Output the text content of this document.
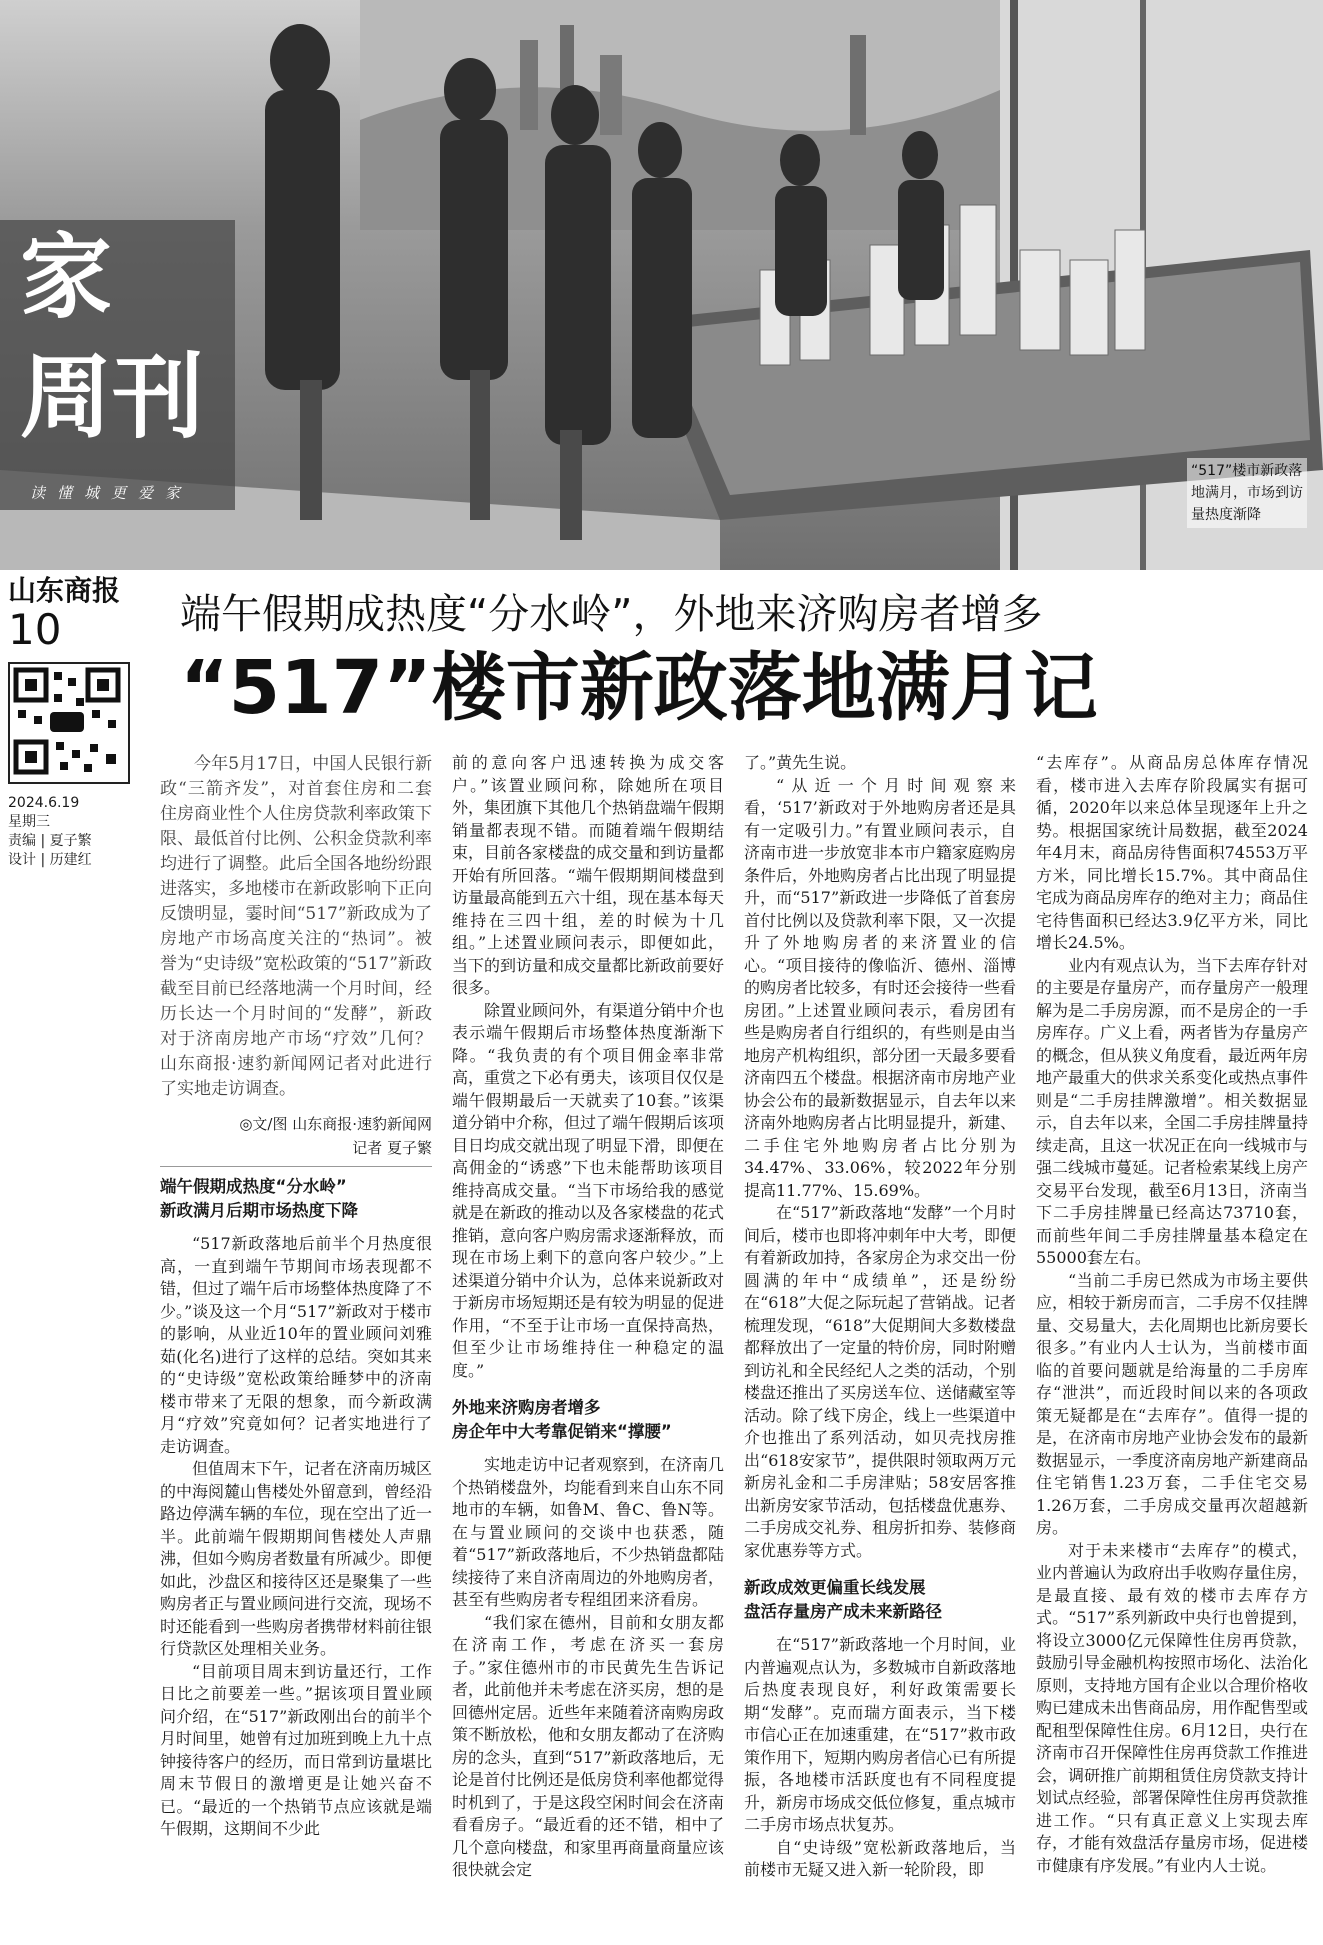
“517”楼市新政落地满月，市场到访量热度渐降
家
周刊
读懂城更爱家
山东商报
10
2024.6.19
星期三
责编 | 夏子繁
设计 | 历建红
端午假期成热度“分水岭”，外地来济购房者增多
“517”楼市新政落地满月记

今年5月17日，中国人民银行新政“三箭齐发”，对首套住房和二套住房商业性个人住房贷款利率政策下限、最低首付比例、公积金贷款利率均进行了调整。此后全国各地纷纷跟进落实，多地楼市在新政影响下正向反馈明显，霎时间“517”新政成为了房地产市场高度关注的“热词”。被誉为“史诗级”宽松政策的“517”新政截至目前已经落地满一个月时间，经历长达一个月时间的“发酵”，新政对于济南房地产市场“疗效”几何？山东商报·速豹新闻网记者对此进行了实地走访调查。

◎文/图 山东商报·速豹新闻网
记者 夏子繁
端午假期成热度“分水岭”
新政满月后期市场热度下降

“517新政落地后前半个月热度很高，一直到端午节期间市场表现都不错，但过了端午后市场整体热度降了不少。”谈及这一个月“517”新政对于楼市的影响，从业近10年的置业顾问刘雅茹(化名)进行了这样的总结。突如其来的“史诗级”宽松政策给睡梦中的济南楼市带来了无限的想象，而今新政满月“疗效”究竟如何？记者实地进行了走访调查。

但值周末下午，记者在济南历城区的中海阅麓山售楼处外留意到，曾经沿路边停满车辆的车位，现在空出了近一半。此前端午假期期间售楼处人声鼎沸，但如今购房者数量有所减少。即便如此，沙盘区和接待区还是聚集了一些购房者正与置业顾问进行交流，现场不时还能看到一些购房者携带材料前往银行贷款区处理相关业务。

“目前项目周末到访量还行，工作日比之前要差一些。”据该项目置业顾问介绍，在“517”新政刚出台的前半个月时间里，她曾有过加班到晚上九十点钟接待客户的经历，而日常到访量堪比周末节假日的激增更是让她兴奋不已。“最近的一个热销节点应该就是端午假期，这期间不少此

前的意向客户迅速转换为成交客户。”该置业顾问称，除她所在项目外，集团旗下其他几个热销盘端午假期销量都表现不错。而随着端午假期结束，目前各家楼盘的成交量和到访量都开始有所回落。“端午假期期间楼盘到访量最高能到五六十组，现在基本每天维持在三四十组，差的时候为十几组。”上述置业顾问表示，即便如此，当下的到访量和成交量都比新政前要好很多。

除置业顾问外，有渠道分销中介也表示端午假期后市场整体热度渐渐下降。“我负责的有个项目佣金率非常高，重赏之下必有勇夫，该项目仅仅是端午假期最后一天就卖了10套。”该渠道分销中介称，但过了端午假期后该项目日均成交就出现了明显下滑，即便在高佣金的“诱惑”下也未能帮助该项目维持高成交量。“当下市场给我的感觉就是在新政的推动以及各家楼盘的花式推销，意向客户购房需求逐渐释放，而现在市场上剩下的意向客户较少。”上述渠道分销中介认为，总体来说新政对于新房市场短期还是有较为明显的促进作用，“不至于让市场一直保持高热，但至少让市场维持住一种稳定的温度。”

外地来济购房者增多
房企年中大考靠促销来“撑腰”

实地走访中记者观察到，在济南几个热销楼盘外，均能看到来自山东不同地市的车辆，如鲁M、鲁C、鲁N等。在与置业顾问的交谈中也获悉，随着“517”新政落地后，不少热销盘都陆续接待了来自济南周边的外地购房者，甚至有些购房者专程组团来济看房。

“我们家在德州，目前和女朋友都在济南工作，考虑在济买一套房子。”家住德州市的市民黄先生告诉记者，此前他并未考虑在济买房，想的是回德州定居。近些年来随着济南购房政策不断放松，他和女朋友都动了在济购房的念头，直到“517”新政落地后，无论是首付比例还是低房贷利率他都觉得时机到了，于是这段空闲时间会在济南看看房子。“最近看的还不错，相中了几个意向楼盘，和家里再商量商量应该很快就会定

了。”黄先生说。

“从近一个月时间观察来看，‘517’新政对于外地购房者还是具有一定吸引力。”有置业顾问表示，自济南市进一步放宽非本市户籍家庭购房条件后，外地购房者占比出现了明显提升，而“517”新政进一步降低了首套房首付比例以及贷款利率下限，又一次提升了外地购房者的来济置业的信心。“项目接待的像临沂、德州、淄博的购房者比较多，有时还会接待一些看房团。”上述置业顾问表示，看房团有些是购房者自行组织的，有些则是由当地房产机构组织，部分团一天最多要看济南四五个楼盘。根据济南市房地产业协会公布的最新数据显示，自去年以来济南外地购房者占比明显提升，新建、二手住宅外地购房者占比分别为34.47%、33.06%，较2022年分别提高11.77%、15.69%。

在“517”新政落地“发酵”一个月时间后，楼市也即将冲刺年中大考，即便有着新政加持，各家房企为求交出一份圆满的年中“成绩单”，还是纷纷在“618”大促之际玩起了营销战。记者梳理发现，“618”大促期间大多数楼盘都释放出了一定量的特价房，同时附赠到访礼和全民经纪人之类的活动，个别楼盘还推出了买房送车位、送储藏室等活动。除了线下房企，线上一些渠道中介也推出了系列活动，如贝壳找房推出“618安家节”，提供限时领取两万元新房礼金和二手房津贴；58安居客推出新房安家节活动，包括楼盘优惠券、二手房成交礼券、租房折扣券、装修商家优惠券等方式。

新政成效更偏重长线发展
盘活存量房产成未来新路径

在“517”新政落地一个月时间，业内普遍观点认为，多数城市自新政落地后热度表现良好，利好政策需要长期“发酵”。克而瑞方面表示，当下楼市信心正在加速重建，在“517”救市政策作用下，短期内购房者信心已有所提振，各地楼市活跃度也有不同程度提升，新房市场成交低位修复，重点城市二手房市场点状复苏。

自“史诗级”宽松新政落地后，当前楼市无疑又进入新一轮阶段，即

“去库存”。从商品房总体库存情况看，楼市进入去库存阶段属实有据可循，2020年以来总体呈现逐年上升之势。根据国家统计局数据，截至2024年4月末，商品房待售面积74553万平方米，同比增长15.7%。其中商品住宅成为商品房库存的绝对主力；商品住宅待售面积已经达3.9亿平方米，同比增长24.5%。

业内有观点认为，当下去库存针对的主要是存量房产，而存量房产一般理解为是二手房房源，而不是房企的一手房库存。广义上看，两者皆为存量房产的概念，但从狭义角度看，最近两年房地产最重大的供求关系变化或热点事件则是“二手房挂牌激增”。相关数据显示，自去年以来，全国二手房挂牌量持续走高，且这一状况正在向一线城市与强二线城市蔓延。记者检索某线上房产交易平台发现，截至6月13日，济南当下二手房挂牌量已经高达73710套，而前些年间二手房挂牌量基本稳定在55000套左右。

“当前二手房已然成为市场主要供应，相较于新房而言，二手房不仅挂牌量、交易量大，去化周期也比新房要长很多。”有业内人士认为，当前楼市面临的首要问题就是给海量的二手房库存“泄洪”，而近段时间以来的各项政策无疑都是在“去库存”。值得一提的是，在济南市房地产业协会发布的最新数据显示，一季度济南房地产新建商品住宅销售1.23万套，二手住宅交易1.26万套，二手房成交量再次超越新房。

对于未来楼市“去库存”的模式，业内普遍认为政府出手收购存量住房，是最直接、最有效的楼市去库存方式。“517”系列新政中央行也曾提到，将设立3000亿元保障性住房再贷款，鼓励引导金融机构按照市场化、法治化原则，支持地方国有企业以合理价格收购已建成未出售商品房，用作配售型或配租型保障性住房。6月12日，央行在济南市召开保障性住房再贷款工作推进会，调研推广前期租赁住房贷款支持计划试点经验，部署保障性住房再贷款推进工作。“只有真正意义上实现去库存，才能有效盘活存量房市场，促进楼市健康有序发展。”有业内人士说。
